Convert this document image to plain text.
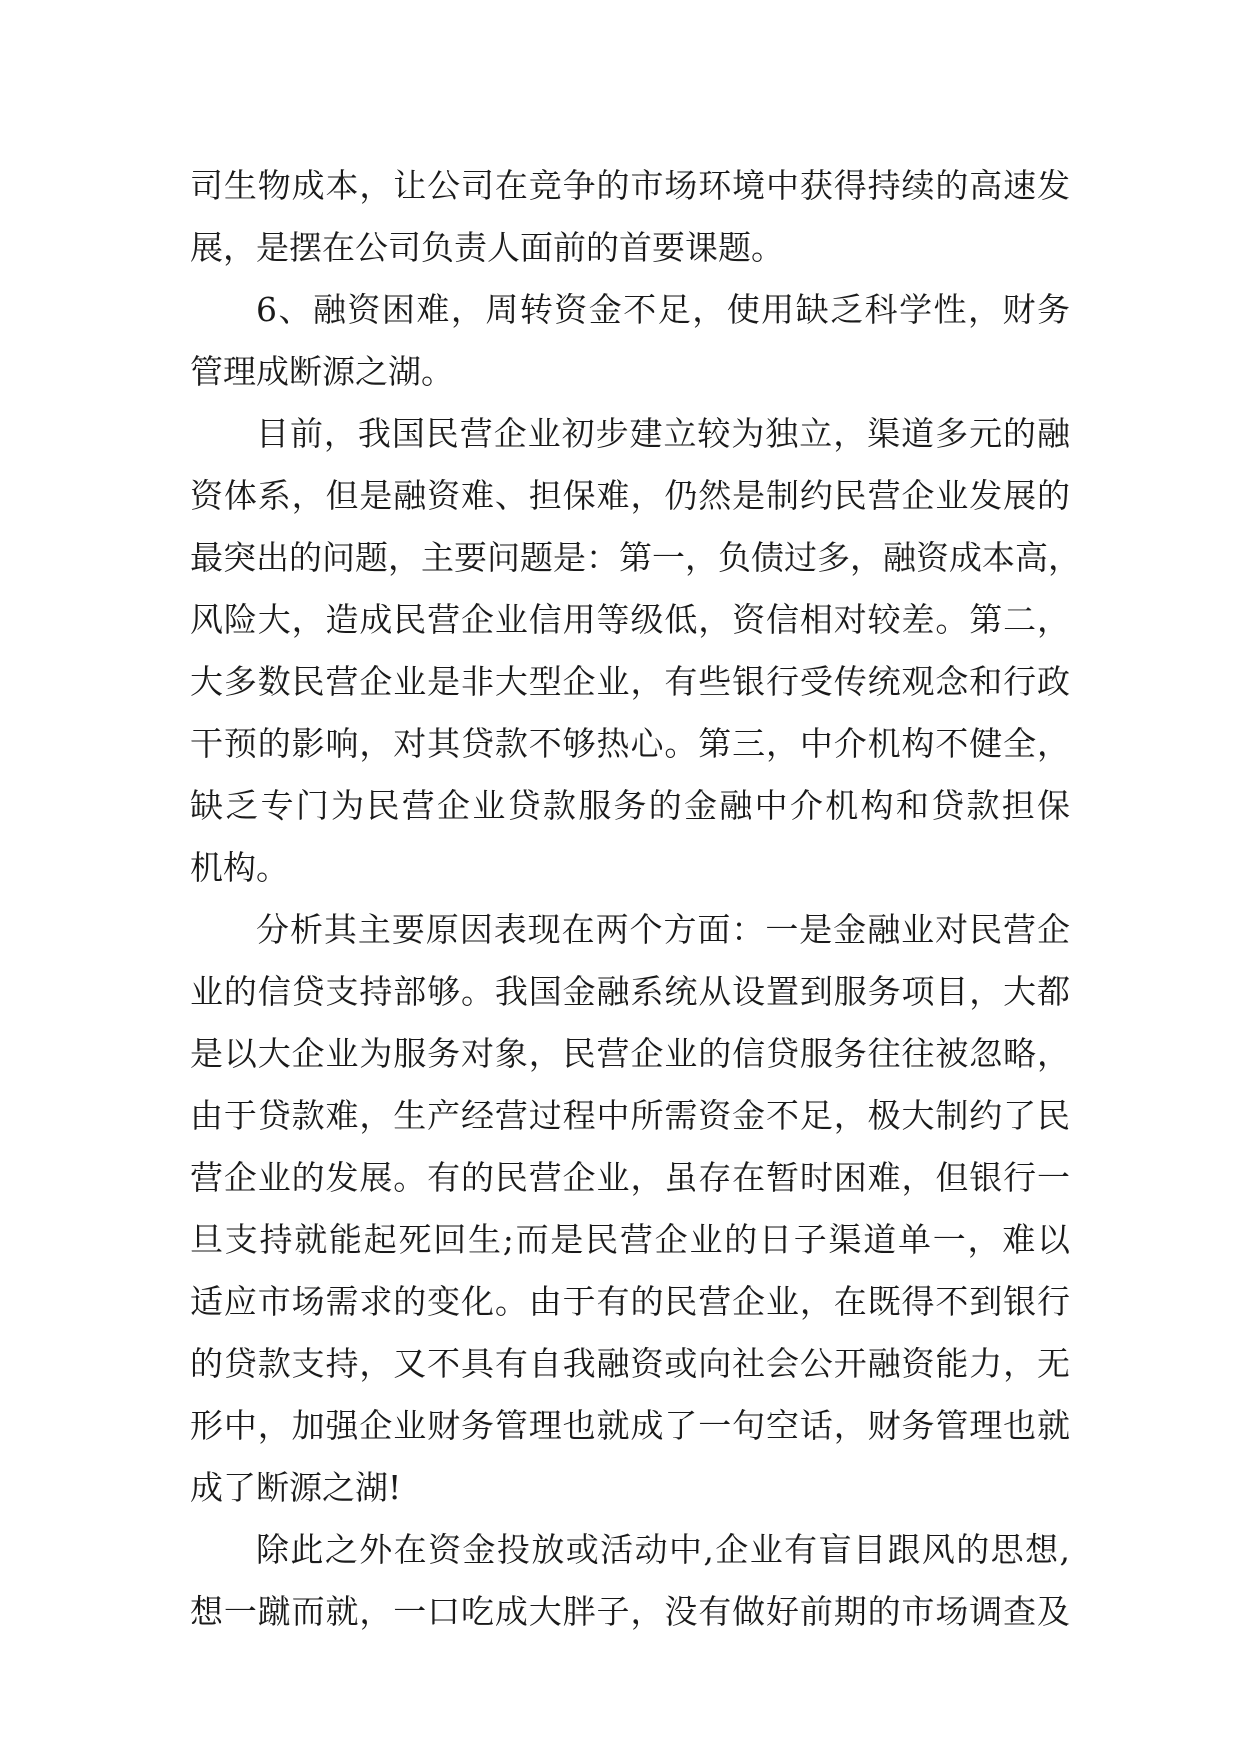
司生物成本，让公司在竞争的市场环境中获得持续的高速发
展，是摆在公司负责人面前的首要课题。
6、融资困难，周转资金不足，使用缺乏科学性，财务
管理成断源之湖。
目前，我国民营企业初步建立较为独立，渠道多元的融
资体系，但是融资难、担保难，仍然是制约民营企业发展的
最突出的问题，主要问题是：第一，负债过多，融资成本高，
风险大，造成民营企业信用等级低，资信相对较差。第二，
大多数民营企业是非大型企业，有些银行受传统观念和行政
干预的影响，对其贷款不够热心。第三，中介机构不健全，
缺乏专门为民营企业贷款服务的金融中介机构和贷款担保
机构。
分析其主要原因表现在两个方面：一是金融业对民营企
业的信贷支持部够。我国金融系统从设置到服务项目，大都
是以大企业为服务对象，民营企业的信贷服务往往被忽略，
由于贷款难，生产经营过程中所需资金不足，极大制约了民
营企业的发展。有的民营企业，虽存在暂时困难，但银行一
旦支持就能起死回生;而是民营企业的日子渠道单一，难以
适应市场需求的变化。由于有的民营企业，在既得不到银行
的贷款支持，又不具有自我融资或向社会公开融资能力，无
形中，加强企业财务管理也就成了一句空话，财务管理也就
成了断源之湖!
除此之外在资金投放或活动中,企业有盲目跟风的思想,
想一蹴而就，一口吃成大胖子，没有做好前期的市场调查及
